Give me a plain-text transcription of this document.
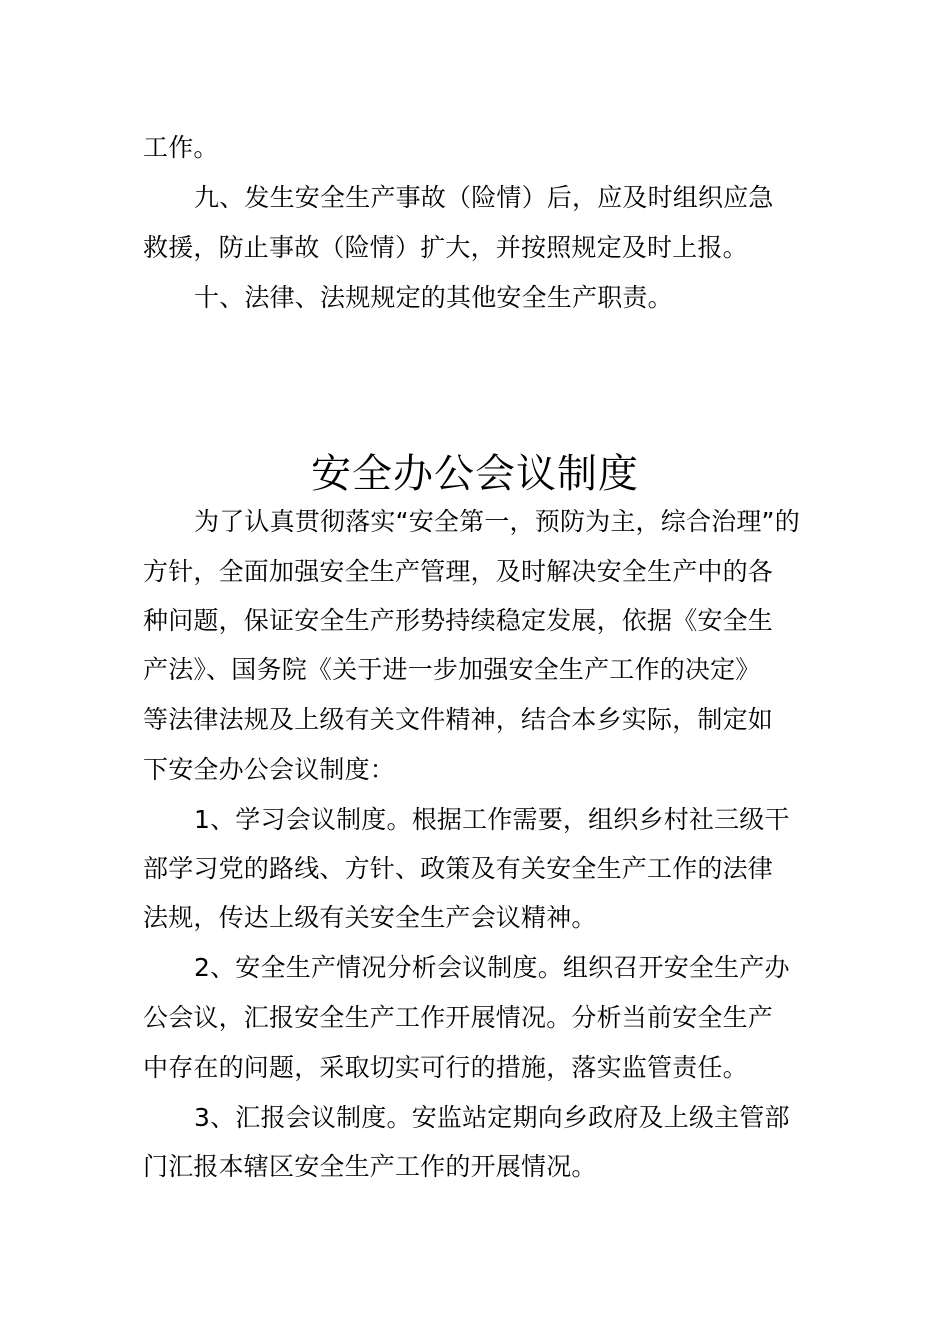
工作。
九、发生安全生产事故（险情）后，应及时组织应急
救援，防止事故（险情）扩大，并按照规定及时上报。
十、法律、法规规定的其他安全生产职责。
安全办公会议制度
为了认真贯彻落实“安全第一，预防为主，综合治理”的
方针，全面加强安全生产管理，及时解决安全生产中的各
种问题，保证安全生产形势持续稳定发展，依据《安全生
产法》、国务院《关于进一步加强安全生产工作的决定》
等法律法规及上级有关文件精神，结合本乡实际，制定如
下安全办公会议制度：
1、学习会议制度。根据工作需要，组织乡村社三级干
部学习党的路线、方针、政策及有关安全生产工作的法律
法规，传达上级有关安全生产会议精神。
2、安全生产情况分析会议制度。组织召开安全生产办
公会议，汇报安全生产工作开展情况。分析当前安全生产
中存在的问题，采取切实可行的措施，落实监管责任。
3、汇报会议制度。安监站定期向乡政府及上级主管部
门汇报本辖区安全生产工作的开展情况。
